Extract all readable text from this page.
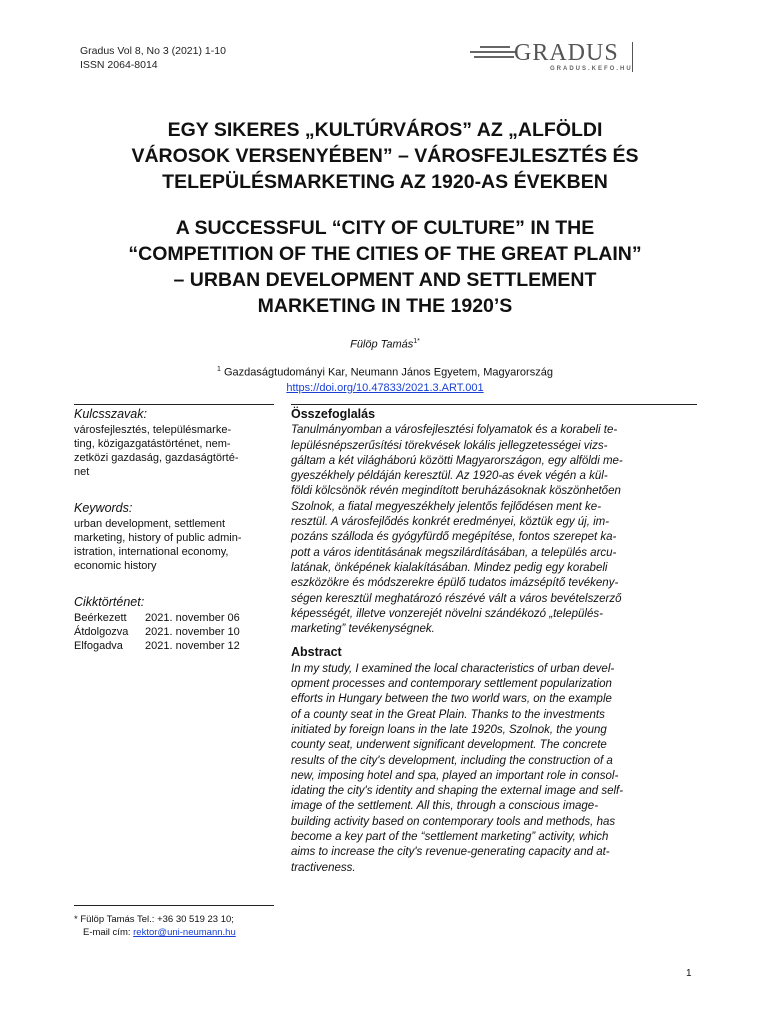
Gradus Vol 8, No 3 (2021) 1-10
ISSN 2064-8014	GRADUS
GRADUS.KEFO.HU
EGY SIKERES „KULTÚRVÁROS” AZ „ALFÖLDI
VÁROSOK VERSENYÉBEN” – VÁROSFEJLESZTÉS ÉS
TELEPÜLÉSMARKETING AZ 1920-AS ÉVEKBEN
A SUCCESSFUL “CITY OF CULTURE” IN THE
“COMPETITION OF THE CITIES OF THE GREAT PLAIN”
– URBAN DEVELOPMENT AND SETTLEMENT
MARKETING IN THE 1920’S
Fülöp Tamás$^{1*}$
$^1$ Gazdaságtudományi Kar, Neumann János Egyetem, Magyarország
https://doi.org/10.47833/2021.3.ART.001
Kulcsszavak:
városfejlesztés, településmarke-
ting, közigazgatástörténet, nem-
zetközi gazdaság, gazdaságtörté-
net
Keywords:
urban development, settlement
marketing, history of public admin-
istration, international economy,
economic history
Cikktörténet:
Beérkezett	2021. november 06
Átdolgozva	2021. november 10
Elfogadva	2021. november 12
Összefoglalás
Tanulmányomban a városfejlesztési folyamatok és a korabeli te-
lepülésnépszerűsítési törekvések lokális jellegzetességei vizs-
gáltam a két világháború közötti Magyarországon, egy alföldi me-
gyeszékhely példáján keresztül. Az 1920-as évek végén a kül-
földi kölcsönök révén megindított beruházásoknak köszönhetően
Szolnok, a fiatal megyeszékhely jelentős fejlődésen ment ke-
resztül. A városfejlődés konkrét eredményei, köztük egy új, im-
pozáns szálloda és gyógyfürdő megépítése, fontos szerepet ka-
pott a város identitásának megszilárdításában, a település arcu-
latának, önképének kialakításában. Mindez pedig egy korabeli
eszközökre és módszerekre épülő tudatos imázsépítő tevékeny-
ségen keresztül meghatározó részévé vált a város bevételszerző
képességét, illetve vonzerejét növelni szándékozó „település-
marketing” tevékenységnek.
Abstract
In my study, I examined the local characteristics of urban devel-
opment processes and contemporary settlement popularization
efforts in Hungary between the two world wars, on the example
of a county seat in the Great Plain. Thanks to the investments
initiated by foreign loans in the late 1920s, Szolnok, the young
county seat, underwent significant development. The concrete
results of the city's development, including the construction of a
new, imposing hotel and spa, played an important role in consol-
idating the city's identity and shaping the external image and self-
image of the settlement. All this, through a conscious image-
building activity based on contemporary tools and methods, has
become a key part of the “settlement marketing” activity, which
aims to increase the city's revenue-generating capacity and at-
tractiveness.
* Fülöp Tamás Tel.: +36 30 519 23 10;
E-mail cím: rektor@uni-neumann.hu
1
